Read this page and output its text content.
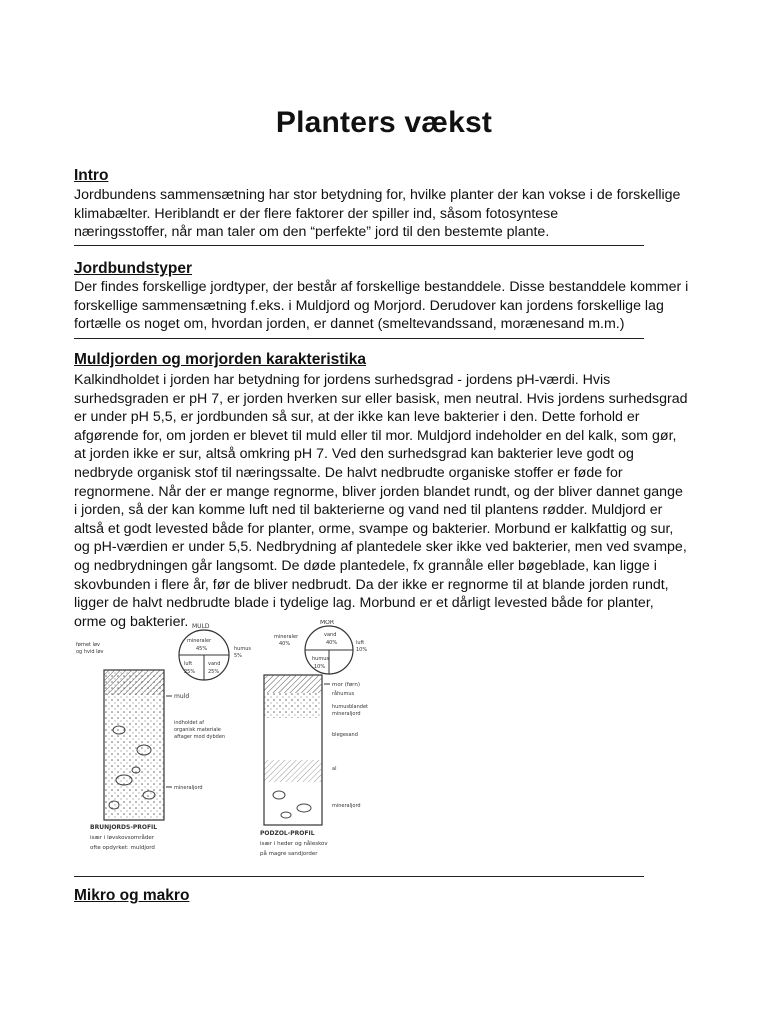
Planters vækst
Intro
Jordbundens sammensætning har stor betydning for, hvilke planter der kan vokse i de forskellige
klimabælter. Heriblandt er der flere faktorer der spiller ind, såsom fotosyntese
næringsstoffer, når man taler om den “perfekte” jord til den bestemte plante.
Jordbundstyper
Der findes forskellige jordtyper, der består af forskellige bestanddele. Disse bestanddele kommer i
forskellige sammensætning f.eks. i Muldjord og Morjord. Derudover kan jordens forskellige lag
fortælle os noget om, hvordan jorden, er dannet (smeltevandssand, morænesand m.m.)
Muldjorden og morjorden karakteristika
Kalkindholdet i jorden har betydning for jordens surhedsgrad - jordens pH-værdi. Hvis
surhedsgraden er pH 7, er jorden hverken sur eller basisk, men neutral. Hvis jordens surhedsgrad
er under pH 5,5, er jordbunden så sur, at der ikke kan leve bakterier i den. Dette forhold er
afgørende for, om jorden er blevet til muld eller til mor. Muldjord indeholder en del kalk, som gør,
at jorden ikke er sur, altså omkring pH 7. Ved den surhedsgrad kan bakterier leve godt og
nedbryde organisk stof til næringssalte. De halvt nedbrudte organiske stoffer er føde for
regnormene. Når der er mange regnorme, bliver jorden blandet rundt, og der bliver dannet gange
i jorden, så der kan komme luft ned til bakterierne og vand ned til plantens rødder. Muldjord er
altså et godt levested både for planter, orme, svampe og bakterier. Morbund er kalkfattig og sur,
og pH-værdien er under 5,5. Nedbrydning af plantedele sker ikke ved bakterier, men ved svampe,
og nedbrydningen går langsomt. De døde plantedele, fx grannåle eller bøgeblade, kan ligge i
skovbunden i flere år, før de bliver nedbrudt. Da der ikke er regnorme til at blande jorden rundt,
ligger de halvt nedbrudte blade i tydelige lag. Morbund er et dårligt levested både for planter,
orme og bakterier. MULD
mineraler
45%
luft
25%
vand
25%
humus
5%
førnet løv
og hvid løv
muld
indholdet af
organisk materiale
aftager mod dybden
mineraljord
BRUNJORDS-PROFIL
især i løvskovsområder
ofte opdyrket: muldjord
MOR
mineraler
40%
vand
40%	luft
10%
humus
10%
mor (førn)
råhumus
humusblandet
mineraljord
blegesand
al
mineraljord
PODZOL-PROFIL
især i heder og nåleskov
på magre sandjorder
Mikro og makro
